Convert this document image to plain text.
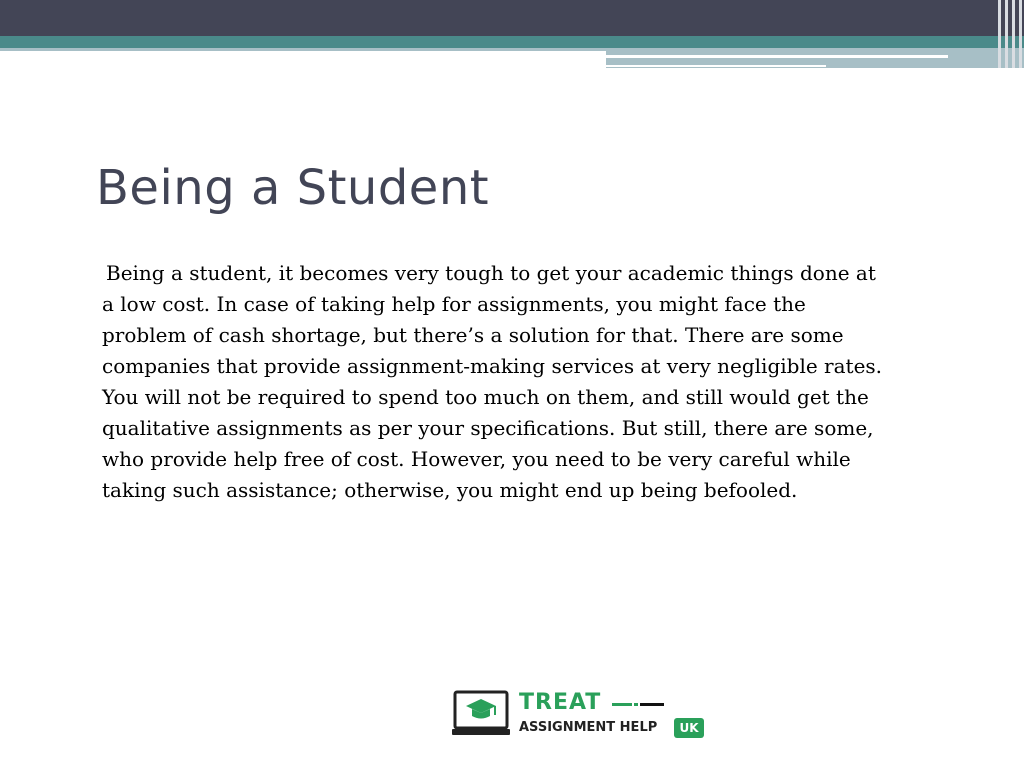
Being a Student

Being a student, it becomes very tough to get your academic things done at
a low cost. In case of taking help for assignments, you might face the
problem of cash shortage, but there’s a solution for that. There are some
companies that provide assignment-making services at very negligible rates.
You will not be required to spend too much on them, and still would get the
qualitative assignments as per your specifications. But still, there are some,
who provide help free of cost. However, you need to be very careful while
taking such assistance; otherwise, you might end up being befooled.

TREAT
ASSIGNMENT HELP	UK
